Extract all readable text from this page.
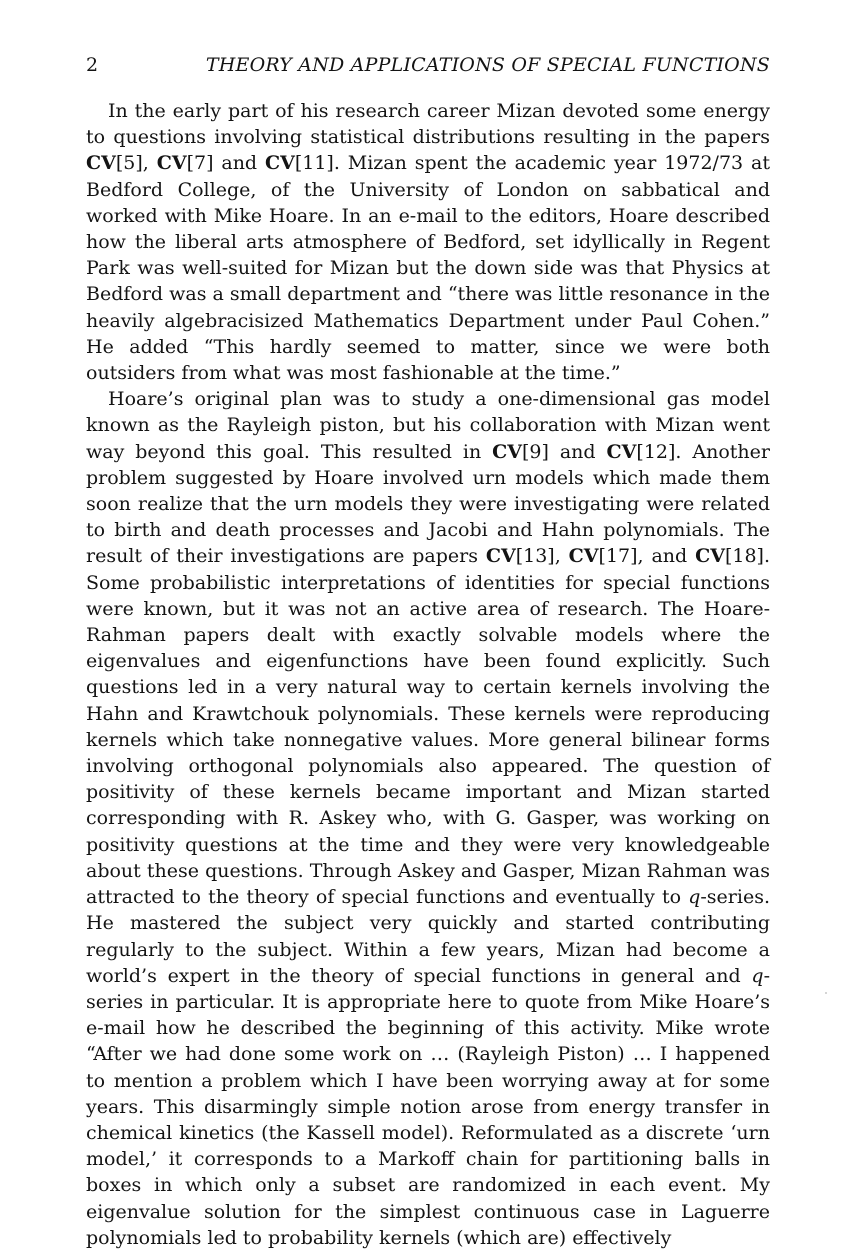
2	THEORY AND APPLICATIONS OF SPECIAL FUNCTIONS

In the early part of his research career Mizan devoted some energy to questions involving statistical distributions resulting in the papers CV[5], CV[7] and CV[11]. Mizan spent the academic year 1972/73 at Bedford College, of the University of London on sabbatical and worked with Mike Hoare. In an e-mail to the editors, Hoare described how the liberal arts atmosphere of Bedford, set idyllically in Regent Park was well-suited for Mizan but the down side was that Physics at Bedford was a small department and “there was little resonance in the heavily algebracisized Mathematics Department under Paul Cohen.” He added “This hardly seemed to matter, since we were both outsiders from what was most fashionable at the time.”

Hoare’s original plan was to study a one-dimensional gas model known as the Rayleigh piston, but his collaboration with Mizan went way beyond this goal. This resulted in CV[9] and CV[12]. Another problem suggested by Hoare involved urn models which made them soon realize that the urn models they were investigating were related to birth and death processes and Jacobi and Hahn polynomials. The result of their investigations are papers CV[13], CV[17], and CV[18]. Some probabilistic interpretations of identities for special functions were known, but it was not an active area of research. The Hoare-Rahman papers dealt with exactly solvable models where the eigenvalues and eigenfunctions have been found explicitly. Such questions led in a very natural way to certain kernels involving the Hahn and Krawtchouk polynomials. These kernels were reproducing kernels which take nonnegative values. More general bilinear forms involving orthogonal polynomials also appeared. The question of positivity of these kernels became important and Mizan started corresponding with R. Askey who, with G. Gasper, was working on positivity questions at the time and they were very knowledgeable about these questions. Through Askey and Gasper, Mizan Rahman was attracted to the theory of special functions and eventually to q-series. He mastered the subject very quickly and started contributing regularly to the subject. Within a few years, Mizan had become a world’s expert in the theory of special functions in general and q-series in particular. It is appropriate here to quote from Mike Hoare’s e-mail how he described the beginning of this activity. Mike wrote “After we had done some work on … (Rayleigh Piston) … I happened to mention a problem which I have been worrying away at for some years. This disarmingly simple notion arose from energy transfer in chemical kinetics (the Kassell model). Reformulated as a discrete ‘urn model,’ it corresponds to a Markoff chain for partitioning balls in boxes in which only a subset are randomized in each event. My eigenvalue solution for the simplest continuous case in Laguerre polynomials led to probability kernels (which are) effectively
